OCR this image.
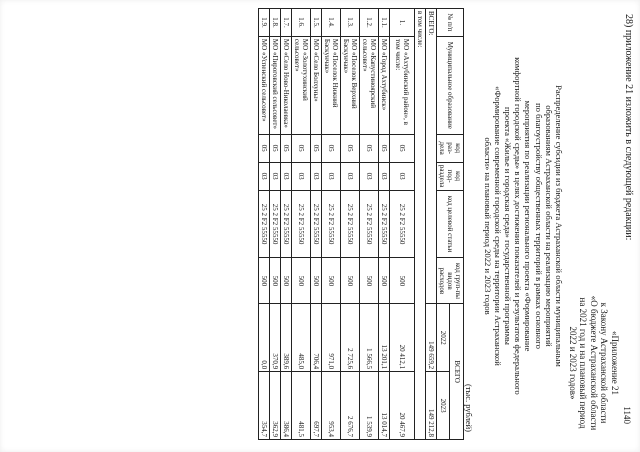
1140
28) приложение 21 изложить в следующей редакции:
«Приложение 21
к Закону Астраханской области
«О бюджете Астраханской области
на 2021 год и на плановый период
2022 и 2023 годов»
Распределение субсидии из бюджета Астраханской области муниципальным
образованиям Астраханской области на реализацию мероприятий
по благоустройству общественных территорий в рамках основного
мероприятия по реализации регионального проекта «Формирование
комфортной городской среды» в целях достижения показателей и результатов федерального
проекта «Жилье и городская среда» государственной программы
«Формирование современной городской среды на территории Астраханской
области» на плановый период 2022 и 2023 годов
(тыс. рублей)
№ п/п	Муниципальное образование	код раз-дела	код под-раздела	код целевой статьи	код груп-пы видов расходов	ВСЕГО	
						2022	2023
ВСЕГО:						149 659,2	149 212,8
в том числе:							
1.	МО «Ахтубинский район», в том числе:	05	03	25 2 F2 55550	500	20 412,1	20 467,9
1.1.	МО «Город Ахтубинск»	05	03	25 2 F2 55550	500	13 201,1	13 014,7
1.2.	МО «Капустиноярский сельсовет»	05	03	25 2 F2 55550	500	1 566,5	1 539,9
1.3.	МО «Поселок Верхний Баскунчак»	05	03	25 2 F2 55550	500	2 725,6	2 676,7
1.4.	МО «Поселок Нижний Баскунчак»	05	03	25 2 F2 55550	500	971,0	953,4
1.5.	МО «Село Болхуны»	05	03	25 2 F2 55550	500	706,4	697,7
1.6.	МО «Золотухинский сельсовет»	05	03	25 2 F2 55550	500	485,0	481,5
1.7.	МО «Село Ново-Николаевка»	05	03	25 2 F2 55550	500	389,6	386,4
1.8.	МО «Пироговский сельсовет»	05	03	25 2 F2 55550	500	370,9	362,9
1.9.	МО «Успенский сельсовет»	05	03	25 2 F2 55550	500	0,0	354,7
